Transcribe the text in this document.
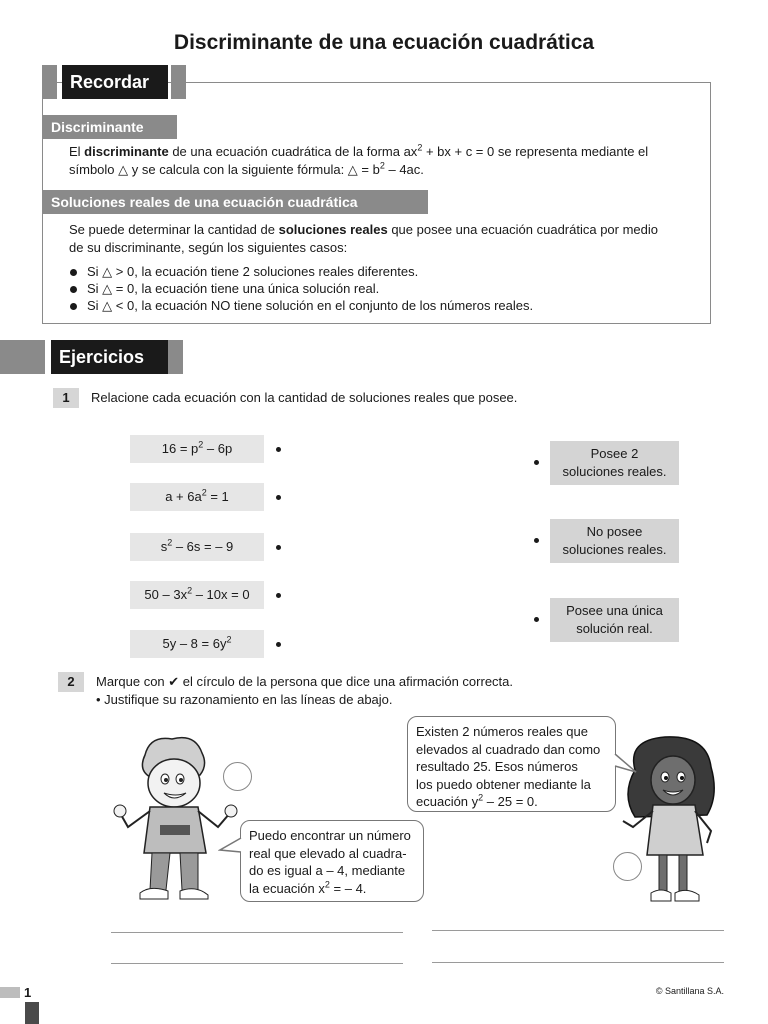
Discriminante de una ecuación cuadrática
Recordar
Discriminante
El discriminante de una ecuación cuadrática de la forma $ax^2$ + bx + c = 0 se representa mediante el
símbolo △ y se calcula con la siguiente fórmula: △ = $b^2 - 4ac$.
Soluciones reales de una ecuación cuadrática
Se puede determinar la cantidad de soluciones reales que posee una ecuación cuadrática por medio
de su discriminante, según los siguientes casos:
Si △ > 0, la ecuación tiene 2 soluciones reales diferentes.
Si △ = 0, la ecuación tiene una única solución real.
Si △ < 0, la ecuación NO tiene solución en el conjunto de los números reales.
Ejercicios
1	Relacione cada ecuación con la cantidad de soluciones reales que posee.
$16 = p^2 - 6p$
$a + 6a^2 = 1$
$s^2 - 6s$ = – 9
$50 - 3x^2 - 10x = 0$
$5y - 8 = 6y^2$
Posee 2
soluciones reales.
No posee
soluciones reales.
Posee una única
solución real.
2	Marque con ✔ el círculo de la persona que dice una afirmación correcta.
• Justifique su razonamiento en las líneas de abajo.
Existen 2 números reales que
elevados al cuadrado dan como
resultado 25. Esos números
los puedo obtener mediante la
ecuación $y^2 - 25 = 0$.
Puedo encontrar un número
real que elevado al cuadra-
do es igual a – 4, mediante
la ecuación $x^2$ = – 4.
1	© Santillana S.A.
